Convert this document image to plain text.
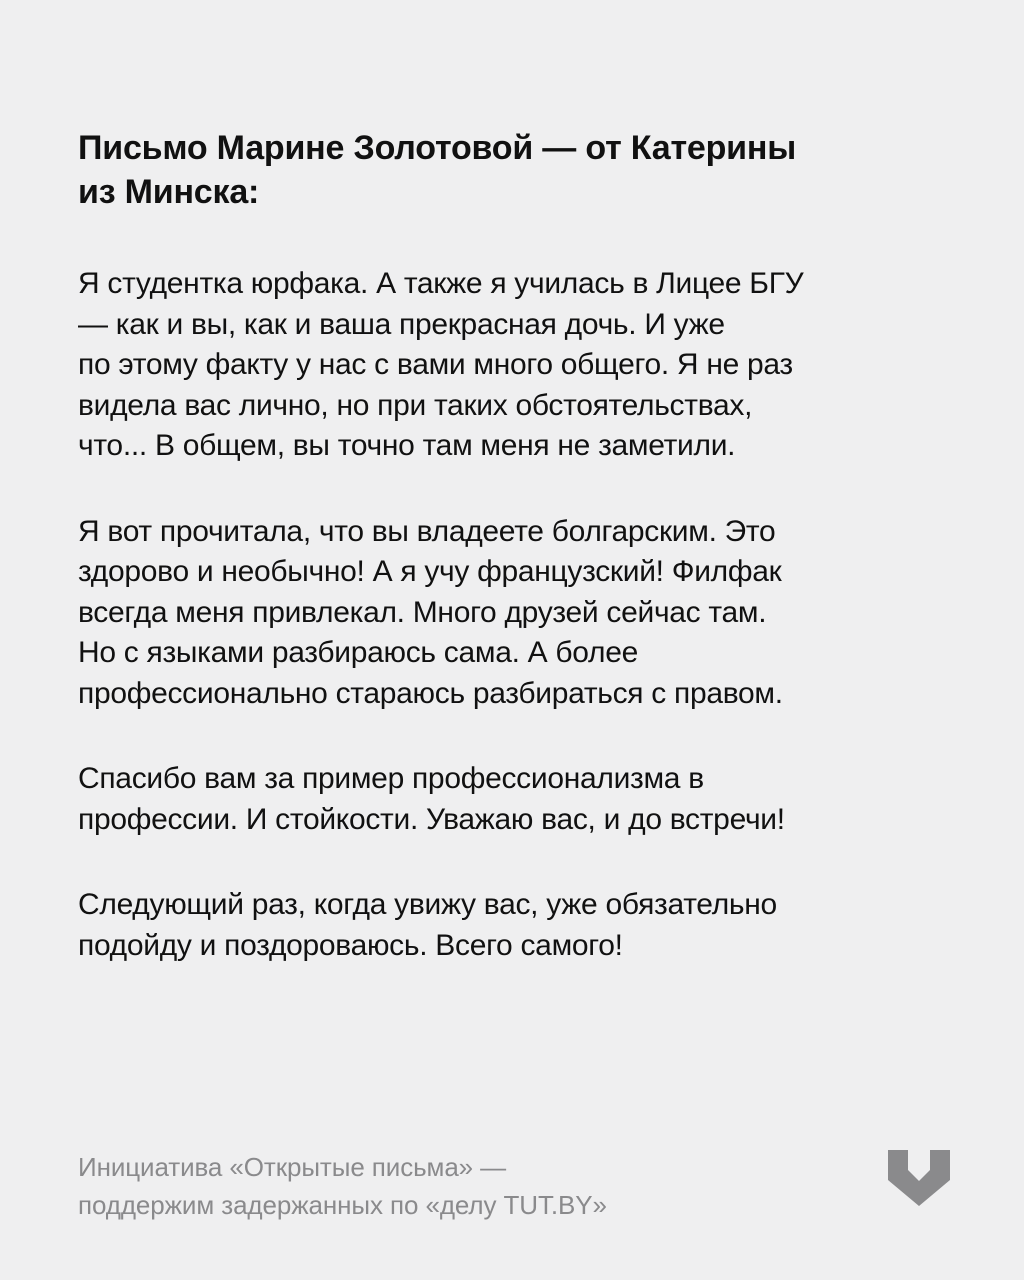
Письмо Марине Золотовой — от Катерины
из Минска:

Я студентка юрфака. А также я училась в Лицее БГУ
— как и вы, как и ваша прекрасная дочь. И уже
по этому факту у нас с вами много общего. Я не раз
видела вас лично, но при таких обстоятельствах,
что... В общем, вы точно там меня не заметили.

Я вот прочитала, что вы владеете болгарским. Это
здорово и необычно! А я учу французский! Филфак
всегда меня привлекал. Много друзей сейчас там.
Но с языками разбираюсь сама. А более
профессионально стараюсь разбираться с правом.

Спасибо вам за пример профессионализма в
профессии. И стойкости. Уважаю вас, и до встречи!

Следующий раз, когда увижу вас, уже обязательно
подойду и поздороваюсь. Всего самого!

Инициатива «Открытые письма» —
поддержим задержанных по «делу TUT.BY»
